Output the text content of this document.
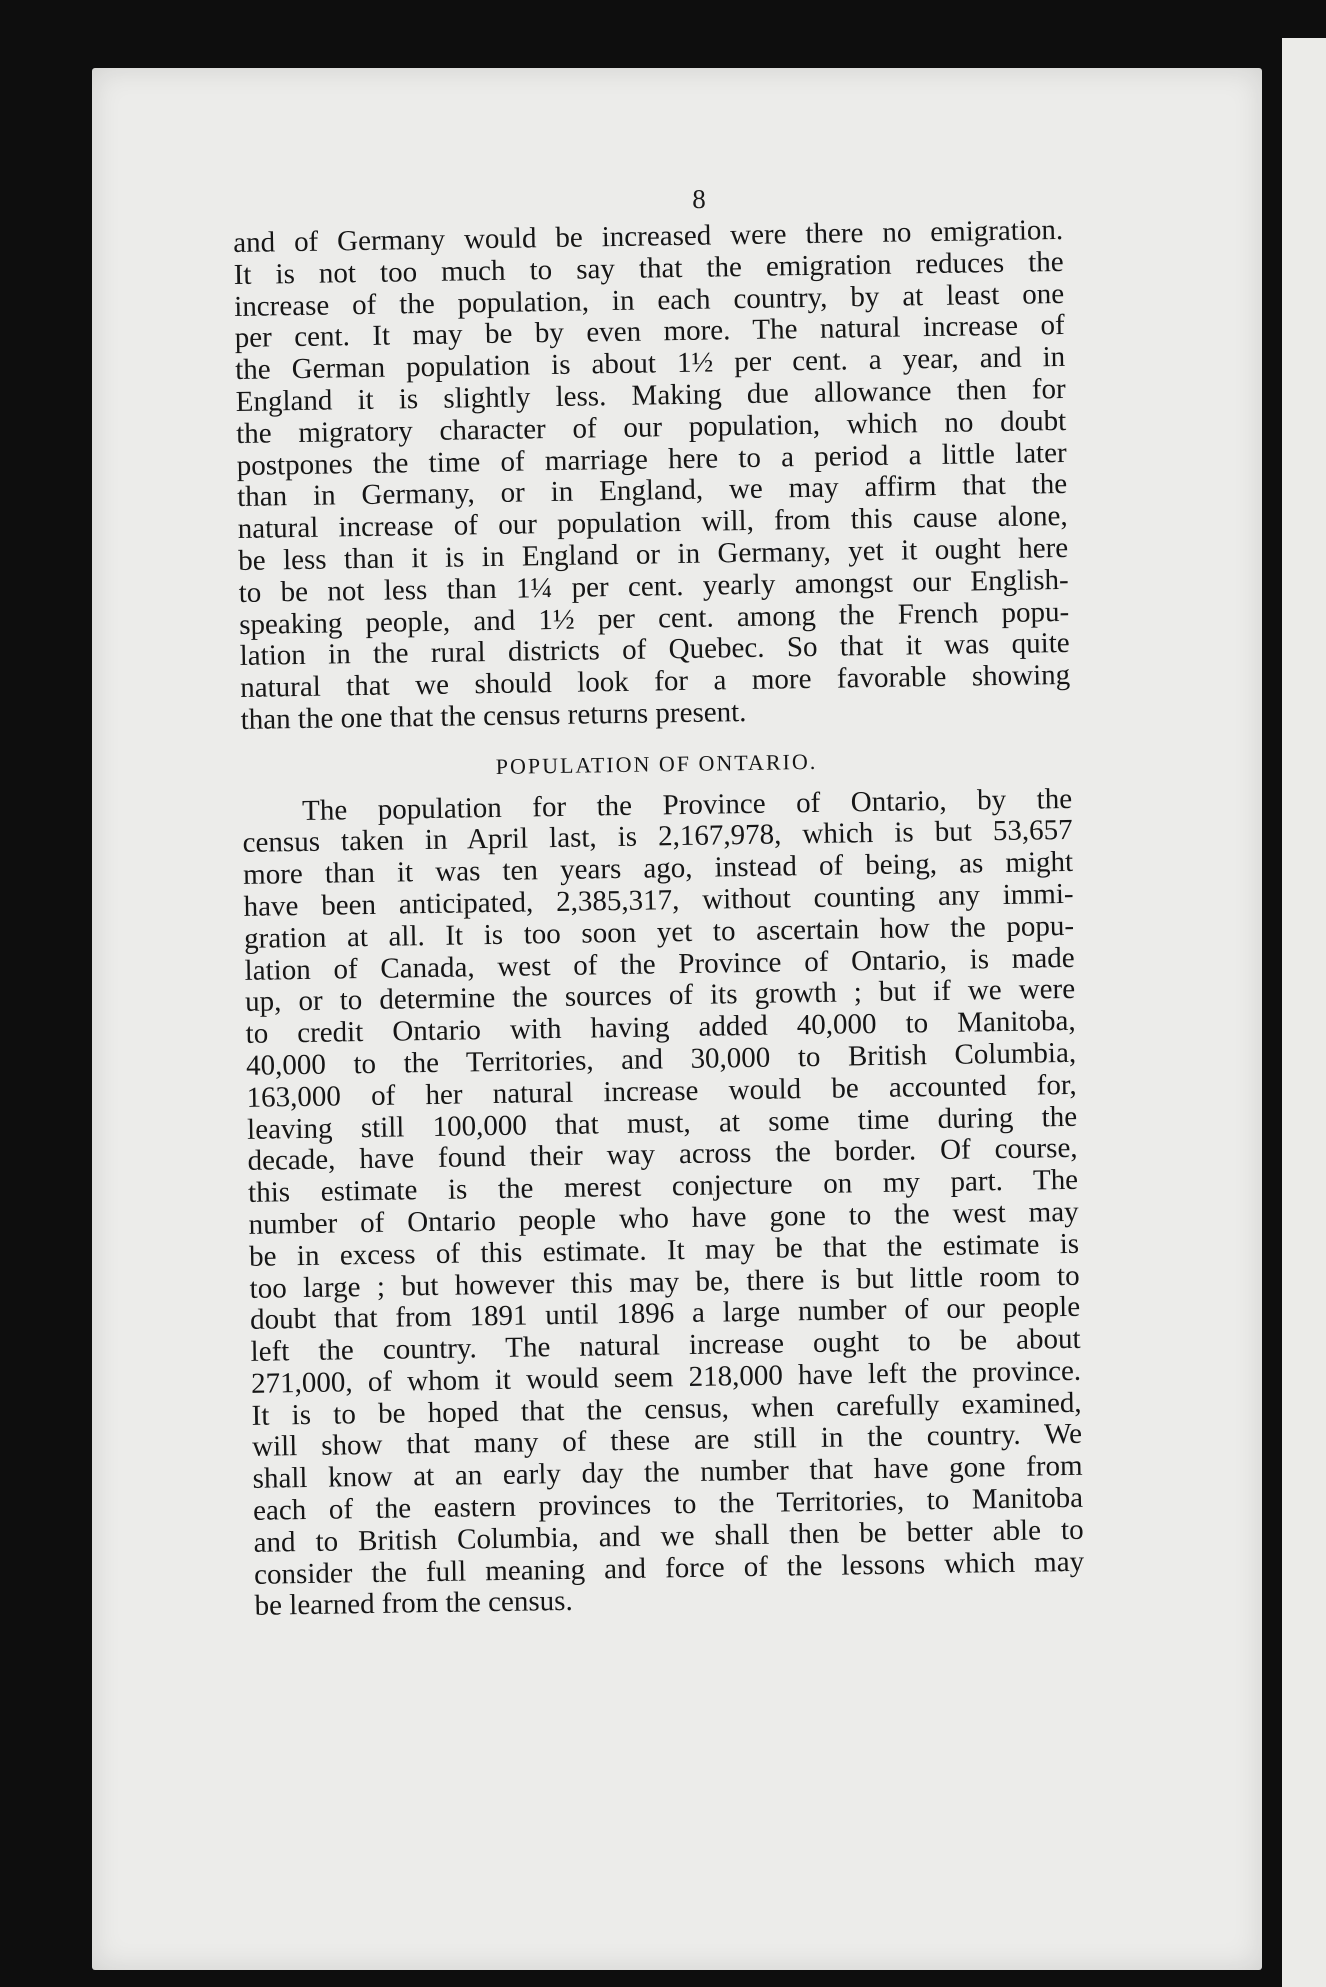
8
and of Germany would be increased were there no emigration.
It is not too much to say that the emigration reduces the
increase of the population, in each country, by at least one
per cent. It may be by even more. The natural increase of
the German population is about 1½ per cent. a year, and in
England it is slightly less. Making due allowance then for
the migratory character of our population, which no doubt
postpones the time of marriage here to a period a little later
than in Germany, or in England, we may affirm that the
natural increase of our population will, from this cause alone,
be less than it is in England or in Germany, yet it ought here
to be not less than 1¼ per cent. yearly amongst our English-
speaking people, and 1½ per cent. among the French popu-
lation in the rural districts of Quebec. So that it was quite
natural that we should look for a more favorable showing
than the one that the census returns present.
POPULATION OF ONTARIO.
The population for the Province of Ontario, by the
census taken in April last, is 2,167,978, which is but 53,657
more than it was ten years ago, instead of being, as might
have been anticipated, 2,385,317, without counting any immi-
gration at all. It is too soon yet to ascertain how the popu-
lation of Canada, west of the Province of Ontario, is made
up, or to determine the sources of its growth ; but if we were
to credit Ontario with having added 40,000 to Manitoba,
40,000 to the Territories, and 30,000 to British Columbia,
163,000 of her natural increase would be accounted for,
leaving still 100,000 that must, at some time during the
decade, have found their way across the border. Of course,
this estimate is the merest conjecture on my part. The
number of Ontario people who have gone to the west may
be in excess of this estimate. It may be that the estimate is
too large ; but however this may be, there is but little room to
doubt that from 1891 until 1896 a large number of our people
left the country. The natural increase ought to be about
271,000, of whom it would seem 218,000 have left the province.
It is to be hoped that the census, when carefully examined,
will show that many of these are still in the country. We
shall know at an early day the number that have gone from
each of the eastern provinces to the Territories, to Manitoba
and to British Columbia, and we shall then be better able to
consider the full meaning and force of the lessons which may
be learned from the census.
